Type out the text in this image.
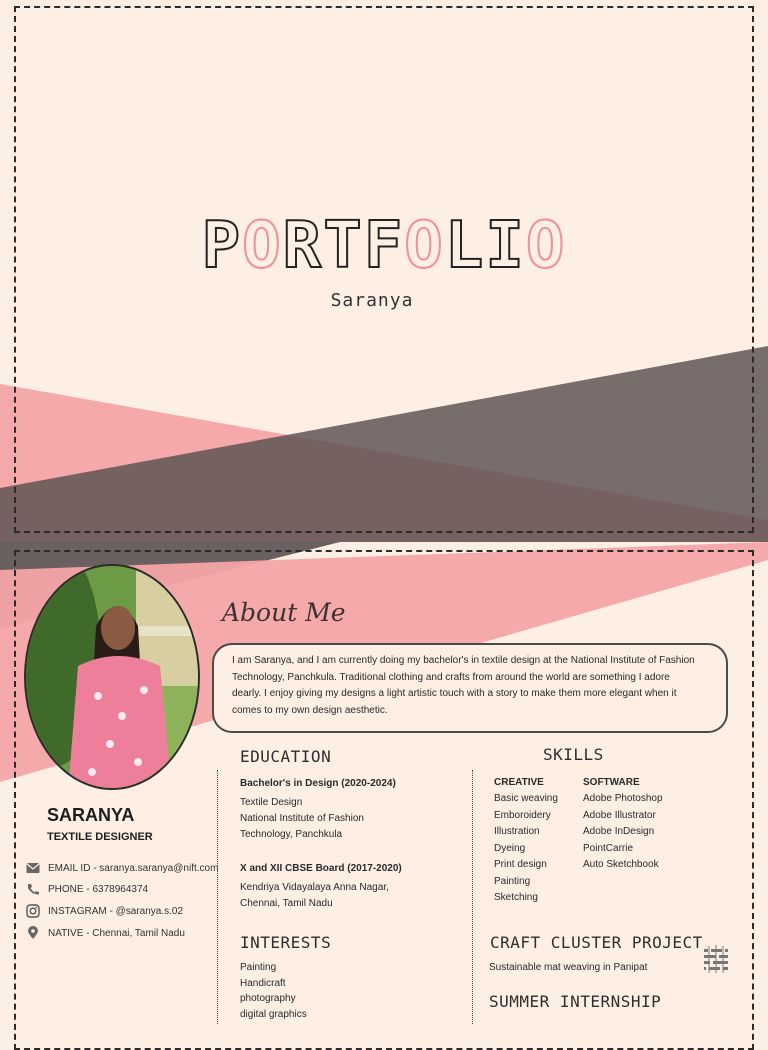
PORTFOLIO
Saranya
SARANYA
TEXTILE DESIGNER
EMAIL ID - saranya.saranya@nift.com
PHONE - 6378964374
INSTAGRAM - @saranya.s.02
NATIVE - Chennai, Tamil Nadu
About Me
I am Saranya, and I am currently doing my bachelor's in textile design at the National Institute of Fashion
Technology, Panchkula. Traditional clothing and crafts from around the world are something I adore
dearly. I enjoy giving my designs a light artistic touch with a story to make them more elegant when it
comes to my own design aesthetic.
EDUCATION
Bachelor's in Design (2020-2024)
Textile Design
National Institute of Fashion
Technology, Panchkula
X and XII CBSE Board (2017-2020)
Kendriya Vidayalaya Anna Nagar,
Chennai, Tamil Nadu
SKILLS
CREATIVE
Basic weaving
Emboroidery
Illustration
Dyeing
Print design
Painting
Sketching
SOFTWARE
Adobe Photoshop
Adobe Illustrator
Adobe InDesign
PointCarrie
Auto Sketchbook
INTERESTS
Painting
Handicraft
photography
digital graphics
CRAFT CLUSTER PROJECT
Sustainable mat weaving in Panipat
SUMMER INTERNSHIP
